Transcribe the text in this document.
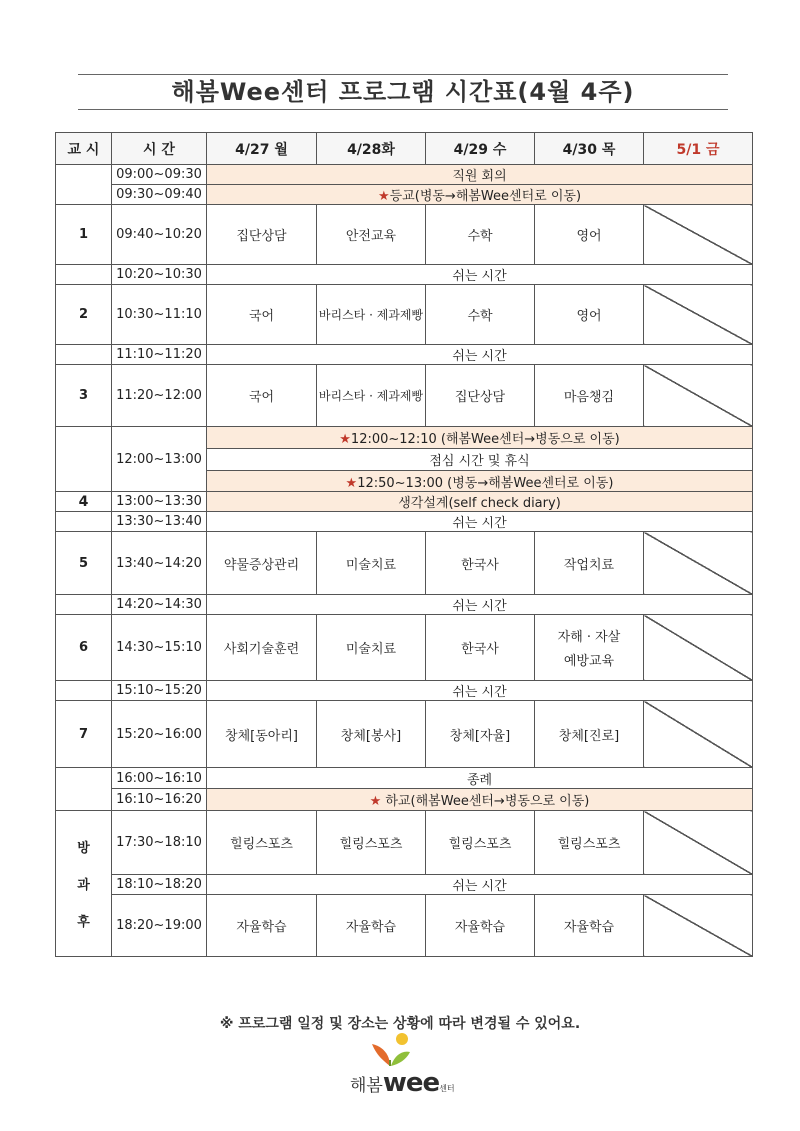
해봄Wee센터 프로그램 시간표(4월 4주)
교 시	시 간	4/27 월	4/28화	4/29 수	4/30 목	5/1 금
	09:00~09:30	직원 회의				
	09:30~09:40	★등교(병동→해봄Wee센터로 이동)				
1	09:40~10:20	집단상담	안전교육	수학	영어	
	10:20~10:30	쉬는 시간				
2	10:30~11:10	국어	바리스타 · 제과제빵	수학	영어	
	11:10~11:20	쉬는 시간				
3	11:20~12:00	국어	바리스타 · 제과제빵	집단상담	마음챙김	
	12:00~13:00	★12:00~12:10 (해봄Wee센터→병동으로 이동)				
		점심 시간 및 휴식				
		★12:50~13:00 (병동→해봄Wee센터로 이동)				
4	13:00~13:30	생각설계(self check diary)				
	13:30~13:40	쉬는 시간				
5	13:40~14:20	약물증상관리	미술치료	한국사	작업치료	
	14:20~14:30	쉬는 시간				
6	14:30~15:10	사회기술훈련	미술치료	한국사	자해 · 자살
예방교육	

	15:10~15:20	쉬는 시간				
7	15:20~16:00	창체[동아리]	창체[봉사]	창체[자율]	창체[진로]	
	16:00~16:10	종례				
	16:10~16:20	★ 하교(해봄Wee센터→병동으로 이동)				

방
과
후	17:30~18:10	힐링스포츠	힐링스포츠	힐링스포츠	힐링스포츠	
	18:10~18:20	쉬는 시간				
	18:20~19:00	자율학습	자율학습	자율학습	자율학습	
※ 프로그램 일정 및 장소는 상황에 따라 변경될 수 있어요.
해봄wee센터
